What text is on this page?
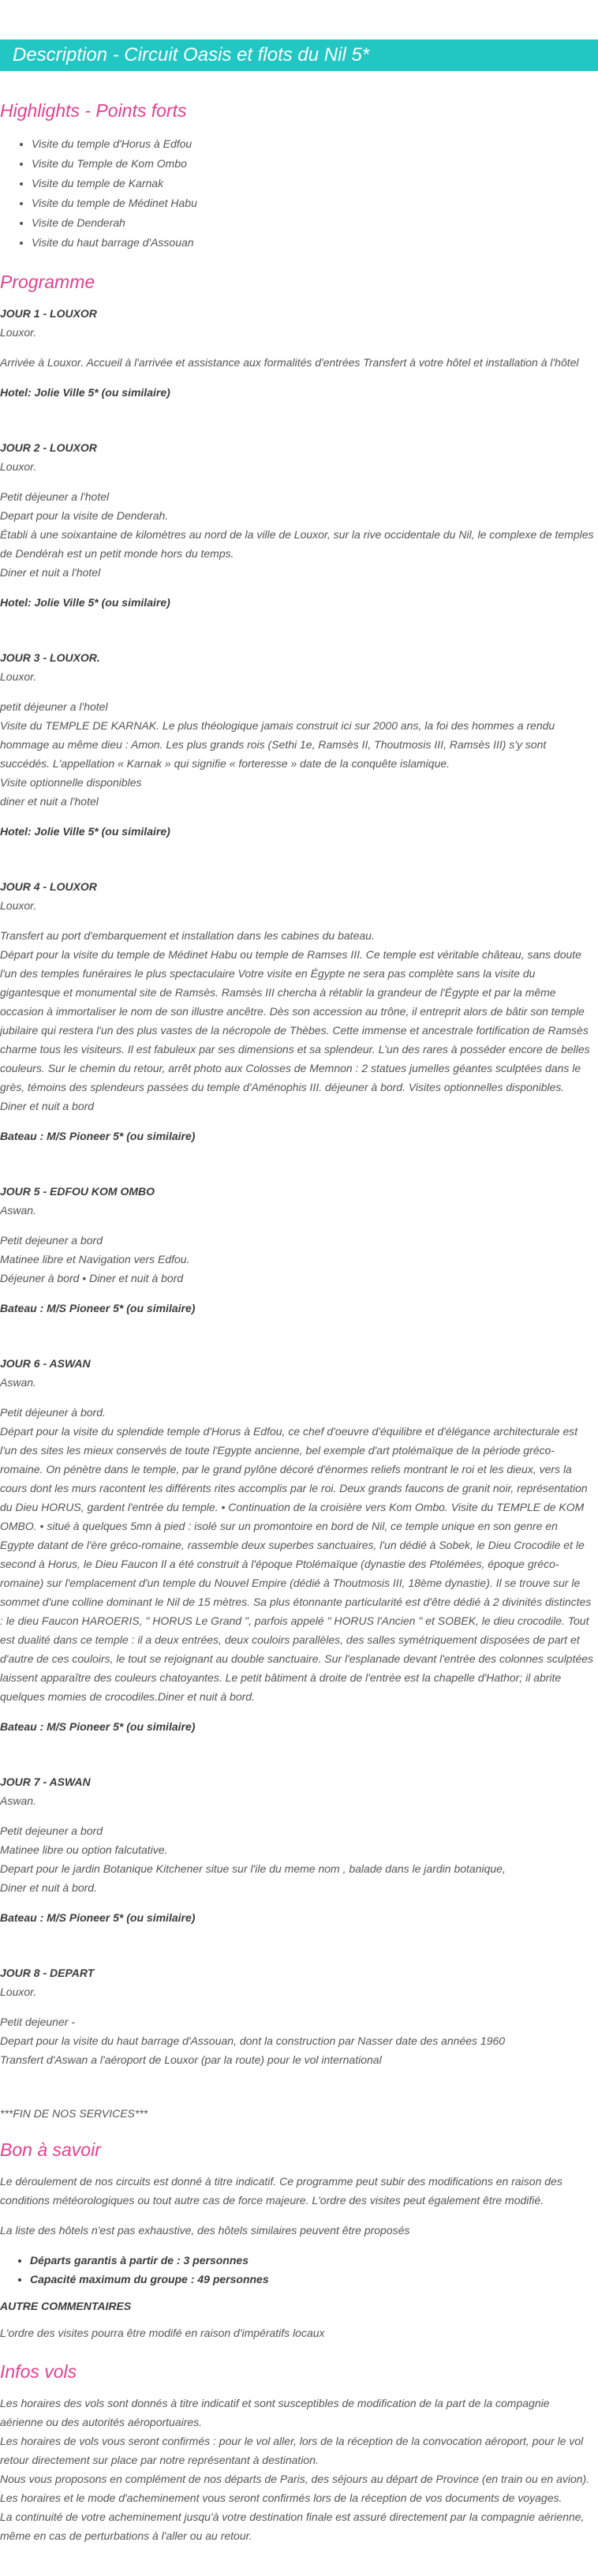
Description - Circuit Oasis et flots du Nil 5*
Highlights - Points forts
• Visite du temple d'Horus à Edfou
• Visite du Temple de Kom Ombo
• Visite du temple de Karnak
• Visite du temple de Médinet Habu
• Visite de Denderah
• Visite du haut barrage d'Assouan
Programme
JOUR 1 - LOUXOR
Louxor.

Arrivée à Louxor. Accueil à l'arrivée et assistance aux formalités d'entrées Transfert à votre hôtel et installation à l'hôtel

Hotel: Jolie Ville 5* (ou similaire)
JOUR 2 - LOUXOR
Louxor.

Petit déjeuner a l'hotel

Depart pour la visite de Denderah.

Établi à une soixantaine de kilomètres au nord de la ville de Louxor, sur la rive occidentale du Nil, le complexe de temples de Dendérah est un petit monde hors du temps.

Diner et nuit a l'hotel

Hotel: Jolie Ville 5* (ou similaire)
JOUR 3 - LOUXOR.
Louxor.

petit déjeuner a l'hotel

Visite du TEMPLE DE KARNAK. Le plus théologique jamais construit ici sur 2000 ans, la foi des hommes a rendu hommage au même dieu : Amon. Les plus grands rois (Sethi 1e, Ramsès II, Thoutmosis III, Ramsès III) s'y sont succédés. L'appellation « Karnak » qui signifie « forteresse » date de la conquête islamique.

Visite optionnelle disponibles

diner et nuit a l'hotel

Hotel: Jolie Ville 5* (ou similaire)
JOUR 4 - LOUXOR
Louxor.

Transfert au port d'embarquement et installation dans les cabines du bateau.

Départ pour la visite du temple de Médinet Habu ou temple de Ramses III. Ce temple est véritable château, sans doute l'un des temples funéraires le plus spectaculaire Votre visite en Égypte ne sera pas complète sans la visite du gigantesque et monumental site de Ramsès. Ramsès III chercha à rétablir la grandeur de l'Égypte et par la même occasion à immortaliser le nom de son illustre ancêtre. Dès son accession au trône, il entreprit alors de bâtir son temple jubilaire qui restera l'un des plus vastes de la nécropole de Thèbes. Cette immense et ancestrale fortification de Ramsès charme tous les visiteurs. Il est fabuleux par ses dimensions et sa splendeur. L'un des rares à posséder encore de belles couleurs. Sur le chemin du retour, arrêt photo aux Colosses de Memnon : 2 statues jumelles géantes sculptées dans le grès, témoins des splendeurs passées du temple d'Aménophis III. déjeuner à bord. Visites optionnelles disponibles.

Diner et nuit a bord

Bateau : M/S Pioneer 5* (ou similaire)
JOUR 5 - EDFOU KOM OMBO
Aswan.

Petit dejeuner a bord

Matinee libre et Navigation vers Edfou.

Déjeuner à bord • Diner et nuit à bord

Bateau : M/S Pioneer 5* (ou similaire)
JOUR 6 - ASWAN
Aswan.

Petit déjeuner à bord.

Départ pour la visite du splendide temple d'Horus à Edfou, ce chef d'oeuvre d'équilibre et d'élégance architecturale est l'un des sites les mieux conservés de toute l'Egypte ancienne, bel exemple d'art ptolémaïque de la période gréco-romaine. On pénètre dans le temple, par le grand pylône décoré d'énormes reliefs montrant le roi et les dieux, vers la cours dont les murs racontent les différents rites accomplis par le roi. Deux grands faucons de granit noir, représentation du Dieu HORUS, gardent l'entrée du temple. • Continuation de la croisière vers Kom Ombo. Visite du TEMPLE de KOM OMBO. • situé à quelques 5mn à pied : isolé sur un promontoire en bord de Nil, ce temple unique en son genre en Egypte datant de l'ère gréco-romaine, rassemble deux superbes sanctuaires, l'un dédié à Sobek, le Dieu Crocodile et le second à Horus, le Dieu Faucon Il a été construit à l'époque Ptolémaïque (dynastie des Ptolémées, époque gréco-romaine) sur l'emplacement d'un temple du Nouvel Empire (dédié à Thoutmosis III, 18ème dynastie). Il se trouve sur le sommet d'une colline dominant le Nil de 15 mètres. Sa plus étonnante particularité est d'être dédié à 2 divinités distinctes : le dieu Faucon HAROERIS, " HORUS Le Grand ", parfois appelé " HORUS l'Ancien " et SOBEK, le dieu crocodile. Tout est dualité dans ce temple : il a deux entrées, deux couloirs parallèles, des salles symétriquement disposées de part et d'autre de ces couloirs, le tout se rejoignant au double sanctuaire. Sur l'esplanade devant l'entrée des colonnes sculptées laissent apparaître des couleurs chatoyantes. Le petit bâtiment à droite de l'entrée est la chapelle d'Hathor; il abrite quelques momies de crocodiles.Diner et nuit à bord.

Bateau : M/S Pioneer 5* (ou similaire)
JOUR 7 - ASWAN
Aswan.

Petit dejeuner a bord

Matinee libre ou option falcutative.

Depart pour le jardin Botanique Kitchener situe sur l'ile du meme nom , balade dans le jardin botanique,

Diner et nuit à bord.

Bateau : M/S Pioneer 5* (ou similaire)
JOUR 8 - DEPART
Louxor.

Petit dejeuner -

Depart pour la visite du haut barrage d'Assouan, dont la construction par Nasser date des années 1960

Transfert d'Aswan a l'aéroport de Louxor (par la route) pour le vol international

***FIN DE NOS SERVICES***
Bon à savoir

Le déroulement de nos circuits est donné à titre indicatif. Ce programme peut subir des modifications en raison des conditions météorologiques ou tout autre cas de force majeure. L'ordre des visites peut également être modifié.

La liste des hôtels n'est pas exhaustive, des hôtels similaires peuvent être proposés

• Départs garantis à partir de : 3 personnes
• Capacité maximum du groupe : 49 personnes
AUTRE COMMENTAIRES

L'ordre des visites pourra être modifé en raison d'impératifs locaux

Infos vols

Les horaires des vols sont donnés à titre indicatif et sont susceptibles de modification de la part de la compagnie aérienne ou des autorités aéroportuaires.

Les horaires de vols vous seront confirmés : pour le vol aller, lors de la réception de la convocation aéroport, pour le vol retour directement sur place par notre représentant à destination.

Nous vous proposons en complément de nos départs de Paris, des séjours au départ de Province (en train ou en avion).

Les horaires et le mode d'acheminement vous seront confirmés lors de la réception de vos documents de voyages.

La continuité de votre acheminement jusqu'à votre destination finale est assuré directement par la compagnie aérienne, même en cas de perturbations à l'aller ou au retour.
